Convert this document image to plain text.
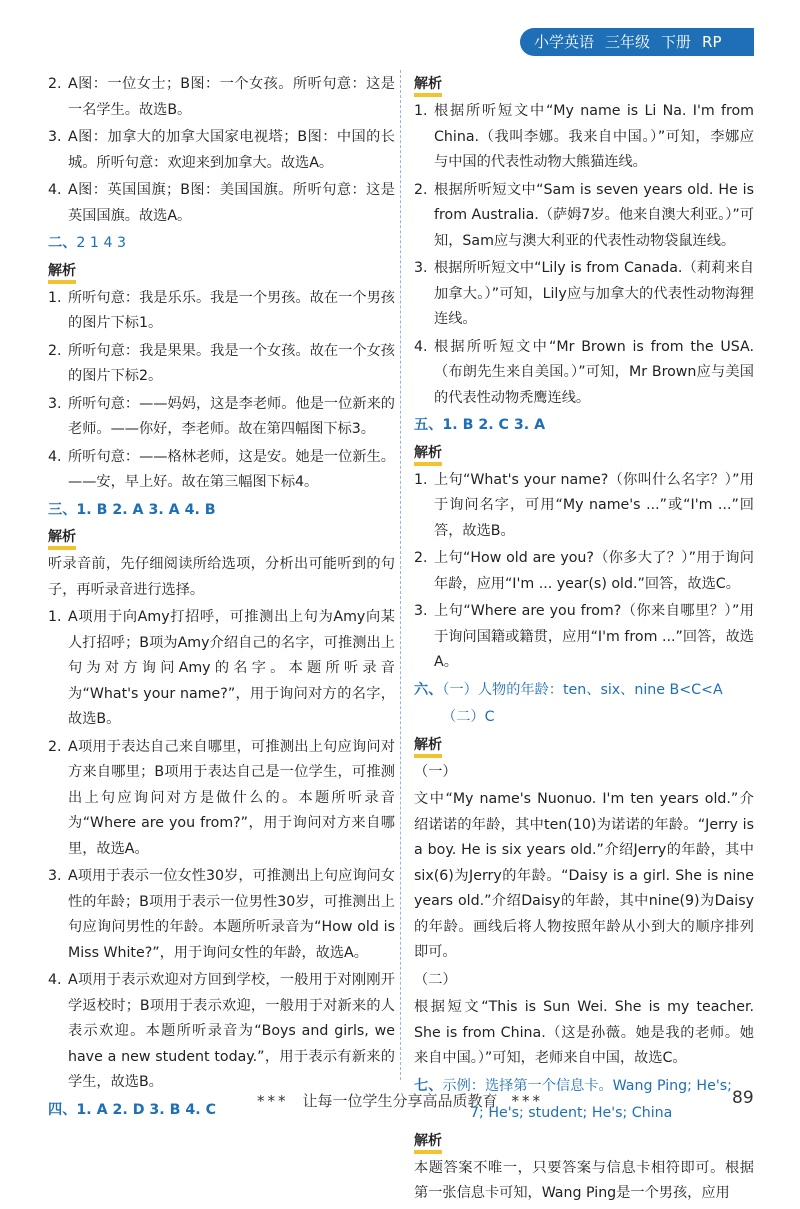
小学英语 三年级 下册 RP
2. A图：一位女士；B图：一个女孩。所听句意：这是一名学生。故选B。
3. A图：加拿大的加拿大国家电视塔；B图：中国的长城。所听句意：欢迎来到加拿大。故选A。
4. A图：英国国旗；B图：美国国旗。所听句意：这是英国国旗。故选A。
二、2 1 4 3
解析
1. 所听句意：我是乐乐。我是一个男孩。故在一个男孩的图片下标1。
2. 所听句意：我是果果。我是一个女孩。故在一个女孩的图片下标2。
3. 所听句意：——妈妈，这是李老师。他是一位新来的老师。——你好，李老师。故在第四幅图下标3。
4. 所听句意：——格林老师，这是安。她是一位新生。——安，早上好。故在第三幅图下标4。
三、1. B 2. A 3. A 4. B
解析

听录音前，先仔细阅读所给选项，分析出可能听到的句子，再听录音进行选择。

1. A项用于向Amy打招呼，可推测出上句为Amy向某人打招呼；B项为Amy介绍自己的名字，可推测出上句为对方询问Amy的名字。本题所听录音为“What's your name?”，用于询问对方的名字，故选B。
2. A项用于表达自己来自哪里，可推测出上句应询问对方来自哪里；B项用于表达自己是一位学生，可推测出上句应询问对方是做什么的。本题所听录音为“Where are you from?”，用于询问对方来自哪里，故选A。
3. A项用于表示一位女性30岁，可推测出上句应询问女性的年龄；B项用于表示一位男性30岁，可推测出上句应询问男性的年龄。本题所听录音为“How old is Miss White?”，用于询问女性的年龄，故选A。
4. A项用于表示欢迎对方回到学校，一般用于对刚刚开学返校时；B项用于表示欢迎，一般用于对新来的人表示欢迎。本题所听录音为“Boys and girls, we have a new student today.”，用于表示有新来的学生，故选B。
四、1. A 2. D 3. B 4. C
解析
1. 根据所听短文中“My name is Li Na. I'm from China.（我叫李娜。我来自中国。）”可知，李娜应与中国的代表性动物大熊猫连线。
2. 根据所听短文中“Sam is seven years old. He is from Australia.（萨姆7岁。他来自澳大利亚。）”可知，Sam应与澳大利亚的代表性动物袋鼠连线。
3. 根据所听短文中“Lily is from Canada.（莉莉来自加拿大。）”可知，Lily应与加拿大的代表性动物海狸连线。
4. 根据所听短文中“Mr Brown is from the USA.（布朗先生来自美国。）”可知，Mr Brown应与美国的代表性动物秃鹰连线。
五、1. B 2. C 3. A
解析
1. 上句“What's your name?（你叫什么名字？）”用于询问名字，可用“My name's ...”或“I'm ...”回答，故选B。
2. 上句“How old are you?（你多大了？）”用于询问年龄，应用“I'm ... year(s) old.”回答，故选C。
3. 上句“Where are you from?（你来自哪里？）”用于询问国籍或籍贯，应用“I'm from ...”回答，故选A。
六、（一）人物的年龄：ten、six、nine B<C<A
（二）C
解析

（一）

文中“My name's Nuonuo. I'm ten years old.”介绍诺诺的年龄，其中ten(10)为诺诺的年龄。“Jerry is a boy. He is six years old.”介绍Jerry的年龄，其中six(6)为Jerry的年龄。“Daisy is a girl. She is nine years old.”介绍Daisy的年龄，其中nine(9)为Daisy的年龄。画线后将人物按照年龄从小到大的顺序排列即可。

（二）

根据短文“This is Sun Wei. She is my teacher. She is from China.（这是孙薇。她是我的老师。她来自中国。）”可知，老师来自中国，故选C。

七、示例：选择第一个信息卡。Wang Ping; He's;
7; He's; student; He's; China
解析

本题答案不唯一，只要答案与信息卡相符即可。根据第一张信息卡可知，Wang Ping是一个男孩，应用

*** 让每一位学生分享高品质教育 ***	89
